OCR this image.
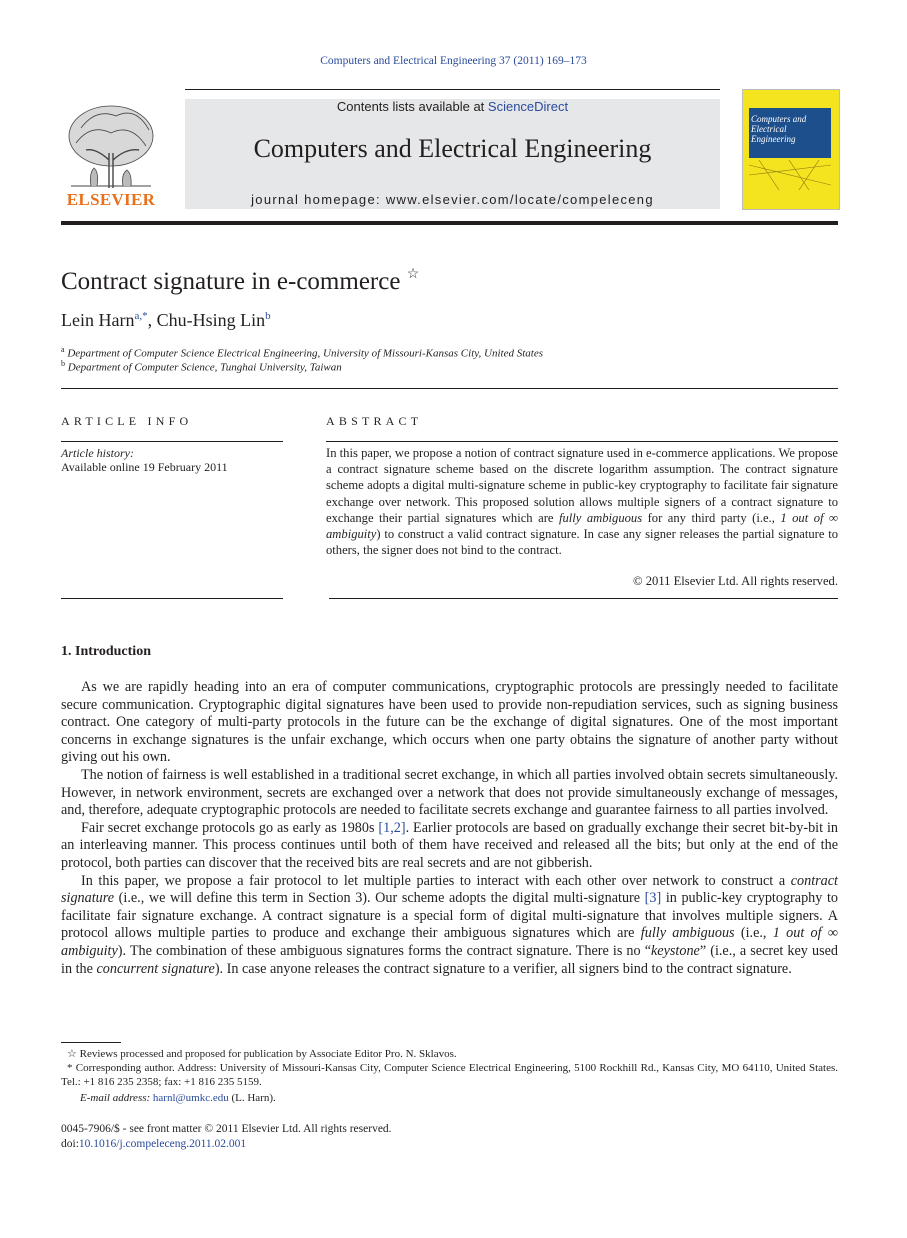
Computers and Electrical Engineering 37 (2011) 169–173
Contents lists available at ScienceDirect
Computers and Electrical Engineering
journal homepage: www.elsevier.com/locate/compeleceng
ELSEVIER
Computers and Electrical Engineering
Contract signature in e-commerce ☆
Lein Harn$^{a,*}$, Chu-Hsing Lin$^b$
$^a$ Department of Computer Science Electrical Engineering, University of Missouri-Kansas City, United States
$^b$ Department of Computer Science, Tunghai University, Taiwan
ARTICLE INFO
Article history:
Available online 19 February 2011
ABSTRACT
In this paper, we propose a notion of contract signature used in e-commerce applications. We propose a contract signature scheme based on the discrete logarithm assumption. The contract signature scheme adopts a digital multi-signature scheme in public-key cryptography to facilitate fair signature exchange over network. This proposed solution allows multiple signers of a contract signature to exchange their partial signatures which are fully ambiguous for any third party (i.e., 1 out of ∞ ambiguity) to construct a valid contract signature. In case any signer releases the partial signature to others, the signer does not bind to the contract.
© 2011 Elsevier Ltd. All rights reserved.
1. Introduction

As we are rapidly heading into an era of computer communications, cryptographic protocols are pressingly needed to facilitate secure communication. Cryptographic digital signatures have been used to provide non-repudiation services, such as signing business contract. One category of multi-party protocols in the future can be the exchange of digital signatures. One of the most important concerns in exchange signatures is the unfair exchange, which occurs when one party obtains the signature of another party without giving out his own.

The notion of fairness is well established in a traditional secret exchange, in which all parties involved obtain secrets simultaneously. However, in network environment, secrets are exchanged over a network that does not provide simultaneously exchange of messages, and, therefore, adequate cryptographic protocols are needed to facilitate secrets exchange and guarantee fairness to all parties involved.

Fair secret exchange protocols go as early as 1980s [1,2]. Earlier protocols are based on gradually exchange their secret bit-by-bit in an interleaving manner. This process continues until both of them have received and released all the bits; but only at the end of the protocol, both parties can discover that the received bits are real secrets and are not gibberish.

In this paper, we propose a fair protocol to let multiple parties to interact with each other over network to construct a contract signature (i.e., we will define this term in Section 3). Our scheme adopts the digital multi-signature [3] in public-key cryptography to facilitate fair signature exchange. A contract signature is a special form of digital multi-signature that involves multiple signers. A protocol allows multiple parties to produce and exchange their ambiguous signatures which are fully ambiguous (i.e., 1 out of ∞ ambiguity). The combination of these ambiguous signatures forms the contract signature. There is no “keystone” (i.e., a secret key used in the concurrent signature). In case anyone releases the contract signature to a verifier, all signers bind to the contract signature.

☆ Reviews processed and proposed for publication by Associate Editor Pro. N. Sklavos.

* Corresponding author. Address: University of Missouri-Kansas City, Computer Science Electrical Engineering, 5100 Rockhill Rd., Kansas City, MO 64110, United States. Tel.: +1 816 235 2358; fax: +1 816 235 5159.

E-mail address: harnl@umkc.edu (L. Harn).

0045-7906/$ - see front matter © 2011 Elsevier Ltd. All rights reserved.
doi:10.1016/j.compeleceng.2011.02.001
